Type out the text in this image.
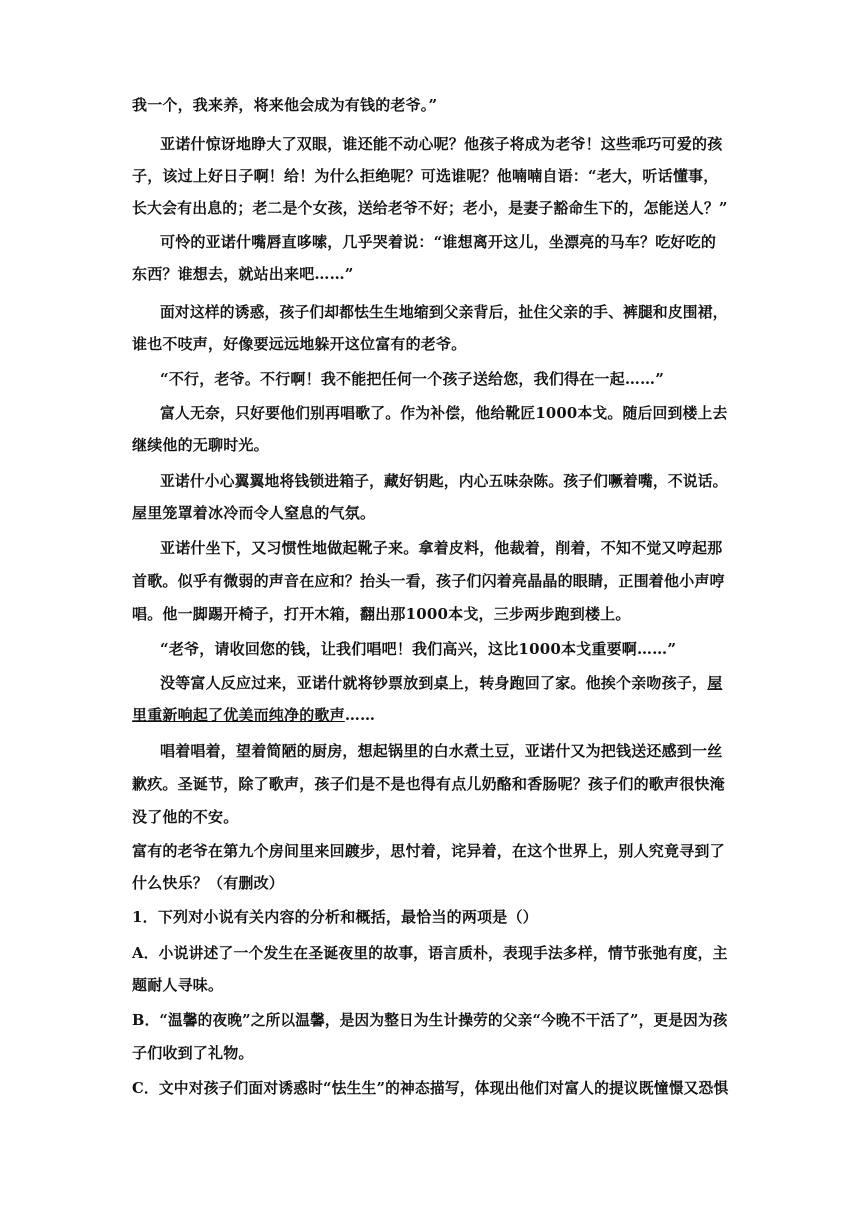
我一个，我来养，将来他会成为有钱的老爷。”
亚诺什惊讶地睁大了双眼，谁还能不动心呢？他孩子将成为老爷！这些乖巧可爱的孩
子，该过上好日子啊！给！为什么拒绝呢？可选谁呢？他喃喃自语：“老大，听话懂事，
长大会有出息的；老二是个女孩，送给老爷不好；老小，是妻子豁命生下的，怎能送人？”
可怜的亚诺什嘴唇直哆嗦，几乎哭着说：“谁想离开这儿，坐漂亮的马车？吃好吃的
东西？谁想去，就站出来吧……”
面对这样的诱惑，孩子们却都怯生生地缩到父亲背后，扯住父亲的手、裤腿和皮围裙，
谁也不吱声，好像要远远地躲开这位富有的老爷。
“不行，老爷。不行啊！我不能把任何一个孩子送给您，我们得在一起……”
富人无奈，只好要他们别再唱歌了。作为补偿，他给靴匠1000本戈。随后回到楼上去
继续他的无聊时光。
亚诺什小心翼翼地将钱锁进箱子，藏好钥匙，内心五味杂陈。孩子们噘着嘴，不说话。
屋里笼罩着冰冷而令人窒息的气氛。
亚诺什坐下，又习惯性地做起靴子来。拿着皮料，他裁着，削着，不知不觉又哼起那
首歌。似乎有微弱的声音在应和？抬头一看，孩子们闪着亮晶晶的眼睛，正围着他小声哼
唱。他一脚踢开椅子，打开木箱，翻出那1000本戈，三步两步跑到楼上。
“老爷，请收回您的钱，让我们唱吧！我们高兴，这比1000本戈重要啊……”
没等富人反应过来，亚诺什就将钞票放到桌上，转身跑回了家。他挨个亲吻孩子，屋
里重新响起了优美而纯净的歌声……
唱着唱着，望着简陋的厨房，想起锅里的白水煮土豆，亚诺什又为把钱送还感到一丝
歉疚。圣诞节，除了歌声，孩子们是不是也得有点儿奶酪和香肠呢？孩子们的歌声很快淹
没了他的不安。
富有的老爷在第九个房间里来回踱步，思忖着，诧异着，在这个世界上，别人究竟寻到了
什么快乐？（有删改）
1．下列对小说有关内容的分析和概括，最恰当的两项是（）
A．小说讲述了一个发生在圣诞夜里的故事，语言质朴，表现手法多样，情节张弛有度，主
题耐人寻味。
B．“温馨的夜晚”之所以温馨，是因为整日为生计操劳的父亲“今晚不干活了”，更是因为孩
子们收到了礼物。
C．文中对孩子们面对诱惑时“怯生生”的神态描写，体现出他们对富人的提议既憧憬又恐惧
